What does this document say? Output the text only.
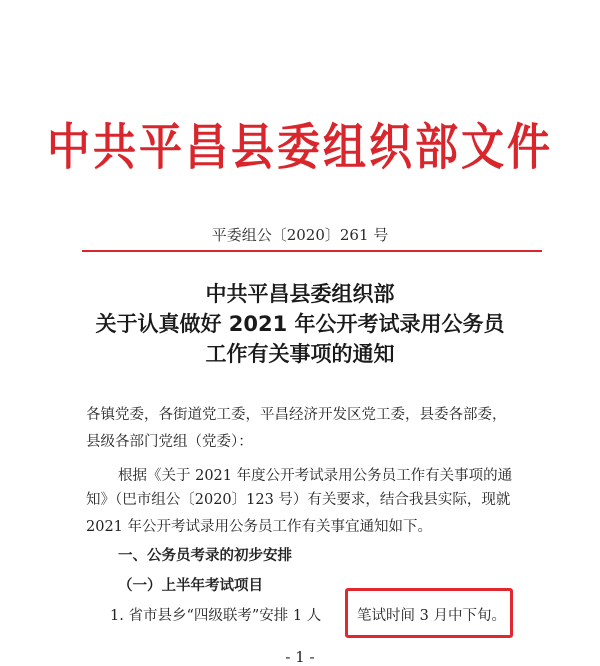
中共平昌县委组织部文件
平委组公〔2020〕261 号
中共平昌县委组织部
关于认真做好 2021 年公开考试录用公务员
工作有关事项的通知
各镇党委，各街道党工委，平昌经济开发区党工委，县委各部委，
县级各部门党组（党委）：
根据《关于 2021 年度公开考试录用公务员工作有关事项的通
知》（巴市组公〔2020〕123 号）有关要求，结合我县实际，现就
2021 年公开考试录用公务员工作有关事宜通知如下。
一、公务员考录的初步安排
（一）上半年考试项目
1. 省市县乡“四级联考”安排 1 人	笔试时间 3 月中下旬。
- 1 -
